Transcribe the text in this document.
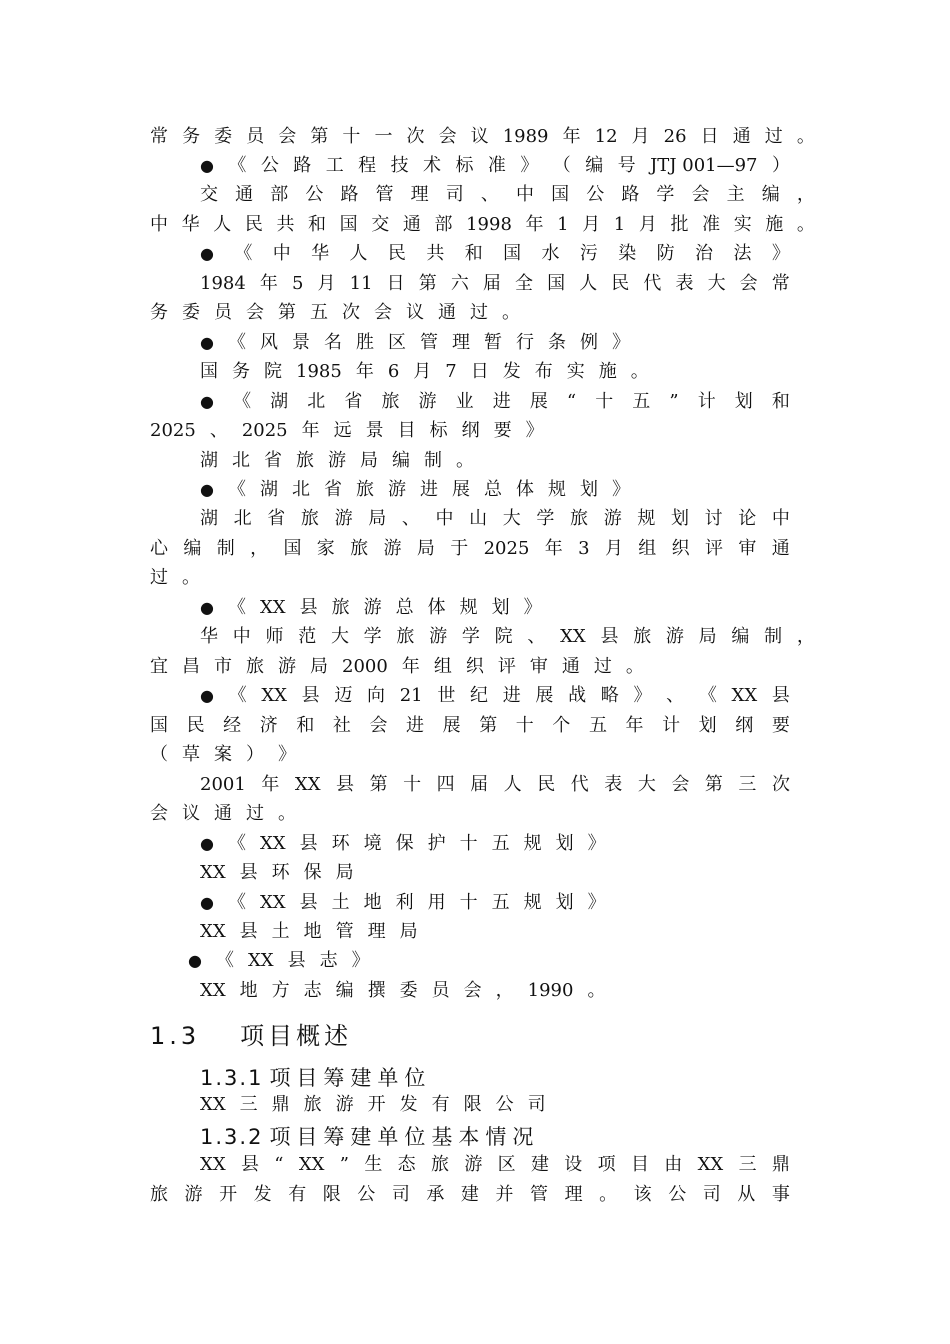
常 务 委 员 会 第 十 一 次 会 议 1989 年 12 月 26 日 通 过 。
● 《 公 路 工 程 技 术 标 准 》 （ 编 号 JTJ 001—97 ）
交 通 部 公 路 管 理 司 、 中 国 公 路 学 会 主 编 ，
中 华 人 民 共 和 国 交 通 部 1998 年 1 月 1 月 批 准 实 施 。
● 《 中 华 人 民 共 和 国 水 污 染 防 治 法 》
1984 年 5 月 11 日 第 六 届 全 国 人 民 代 表 大 会 常
务 委 员 会 第 五 次 会 议 通 过 。
● 《 风 景 名 胜 区 管 理 暂 行 条 例 》
国 务 院 1985 年 6 月 7 日 发 布 实 施 。
● 《 湖 北 省 旅 游 业 进 展 “ 十 五 ” 计 划 和
2025 、 2025 年 远 景 目 标 纲 要 》
湖 北 省 旅 游 局 编 制 。
● 《 湖 北 省 旅 游 进 展 总 体 规 划 》
湖 北 省 旅 游 局 、 中 山 大 学 旅 游 规 划 讨 论 中
心 编 制 ， 国 家 旅 游 局 于 2025 年 3 月 组 织 评 审 通
过 。
● 《 XX 县 旅 游 总 体 规 划 》
华 中 师 范 大 学 旅 游 学 院 、 XX 县 旅 游 局 编 制 ，
宜 昌 市 旅 游 局 2000 年 组 织 评 审 通 过 。
● 《 XX 县 迈 向 21 世 纪 进 展 战 略 》 、 《 XX 县
国 民 经 济 和 社 会 进 展 第 十 个 五 年 计 划 纲 要
（ 草 案 ） 》
2001 年 XX 县 第 十 四 届 人 民 代 表 大 会 第 三 次
会 议 通 过 。
● 《 XX 县 环 境 保 护 十 五 规 划 》
XX 县 环 保 局
● 《 XX 县 土 地 利 用 十 五 规 划 》
XX 县 土 地 管 理 局
● 《 XX 县 志 》
XX 地 方 志 编 撰 委 员 会 ， 1990 。
1.3 项目概述
1.3.1 项目筹建单位
XX 三 鼎 旅 游 开 发 有 限 公 司
1.3.2 项目筹建单位基本情况
XX 县 “ XX ” 生 态 旅 游 区 建 设 项 目 由 XX 三 鼎
旅 游 开 发 有 限 公 司 承 建 并 管 理 。 该 公 司 从 事
